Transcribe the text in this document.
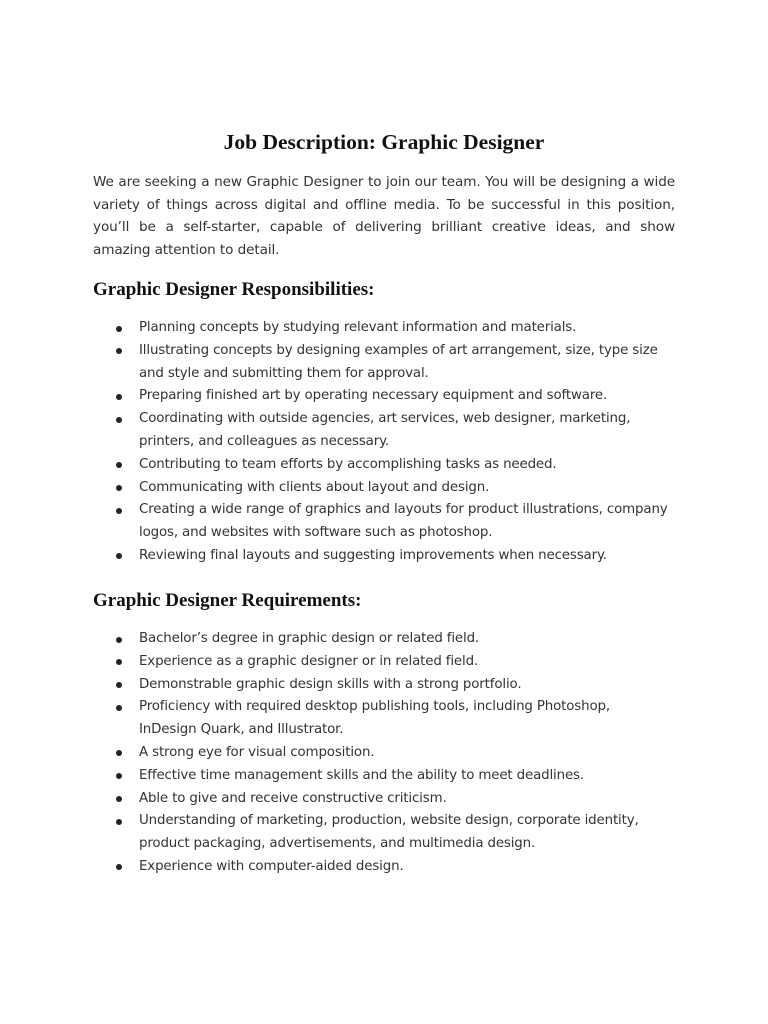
Job Description: Graphic Designer

We are seeking a new Graphic Designer to join our team. You will be designing a wide variety of things across digital and offline media. To be successful in this position, you’ll be a self-starter, capable of delivering brilliant creative ideas, and show amazing attention to detail.

Graphic Designer Responsibilities:
Planning concepts by studying relevant information and materials.
Illustrating concepts by designing examples of art arrangement, size, type size and style and submitting them for approval.
Preparing finished art by operating necessary equipment and software.
Coordinating with outside agencies, art services, web designer, marketing, printers, and colleagues as necessary.
Contributing to team efforts by accomplishing tasks as needed.
Communicating with clients about layout and design.
Creating a wide range of graphics and layouts for product illustrations, company logos, and websites with software such as photoshop.
Reviewing final layouts and suggesting improvements when necessary.
Graphic Designer Requirements:
Bachelor’s degree in graphic design or related field.
Experience as a graphic designer or in related field.
Demonstrable graphic design skills with a strong portfolio.
Proficiency with required desktop publishing tools, including Photoshop, InDesign Quark, and Illustrator.
A strong eye for visual composition.
Effective time management skills and the ability to meet deadlines.
Able to give and receive constructive criticism.
Understanding of marketing, production, website design, corporate identity, product packaging, advertisements, and multimedia design.
Experience with computer-aided design.
